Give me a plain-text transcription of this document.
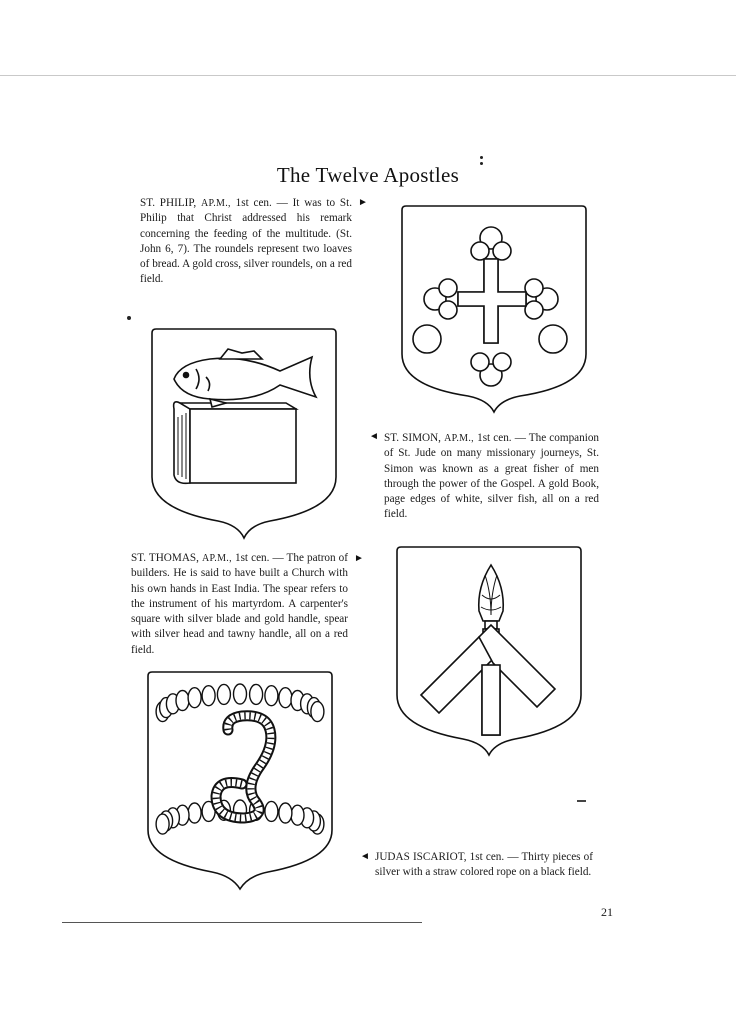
The Twelve Apostles
ST. PHILIP, AP.M., 1st cen. — It was to St. Philip that Christ addressed his remark concerning the feeding of the multitude. (St. John 6, 7). The roundels represent two loaves of bread. A gold cross, silver roundels, on a red field.
►
◄ ST. SIMON, AP.M., 1st cen. — The companion of St. Jude on many missionary journeys, St. Simon was known as a great fisher of men through the power of the Gospel. A gold Book, page edges of white, silver fish, all on a red field.
ST. THOMAS, AP.M., 1st cen. — The patron of builders. He is said to have built a Church with his own hands in East India. The spear refers to the instrument of his martyrdom. A carpenter's square with silver blade and gold handle, spear with silver head and tawny handle, all on a red field.
►
◄ JUDAS ISCARIOT, 1st cen. — Thirty pieces of silver with a straw colored rope on a black field.
21
